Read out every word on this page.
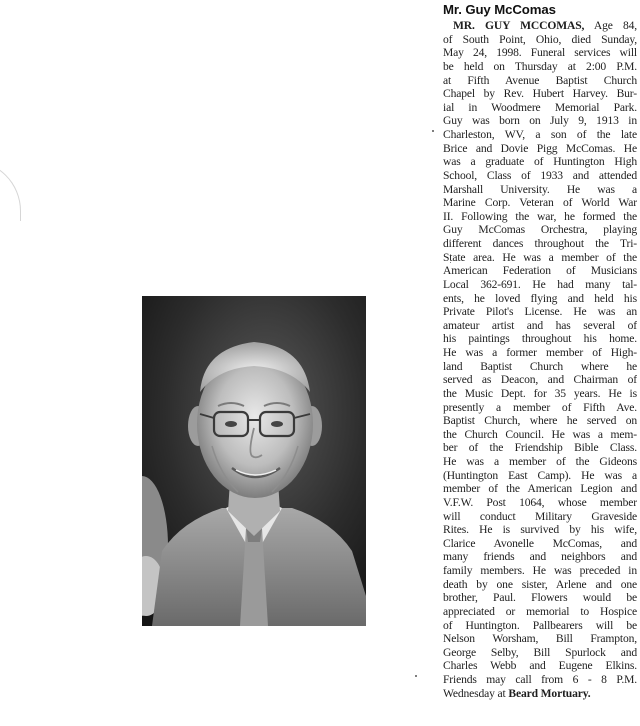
Mr. Guy McComas
MR. GUY MCCOMAS, Age 84,
of South Point, Ohio, died Sunday,
May 24, 1998. Funeral services will
be held on Thursday at 2:00 P.M.
at Fifth Avenue Baptist Church
Chapel by Rev. Hubert Harvey. Bur-
ial in Woodmere Memorial Park.
Guy was born on July 9, 1913 in
Charleston, WV, a son of the late
Brice and Dovie Pigg McComas. He
was a graduate of Huntington High
School, Class of 1933 and attended
Marshall University. He was a
Marine Corp. Veteran of World War
II. Following the war, he formed the
Guy McComas Orchestra, playing
different dances throughout the Tri-
State area. He was a member of the
American Federation of Musicians
Local 362-691. He had many tal-
ents, he loved flying and held his
Private Pilot's License. He was an
amateur artist and has several of
his paintings throughout his home.
He was a former member of High-
land Baptist Church where he
served as Deacon, and Chairman of
the Music Dept. for 35 years. He is
presently a member of Fifth Ave.
Baptist Church, where he served on
the Church Council. He was a mem-
ber of the Friendship Bible Class.
He was a member of the Gideons
(Huntington East Camp). He was a
member of the American Legion and
V.F.W. Post 1064, whose member
will conduct Military Graveside
Rites. He is survived by his wife,
Clarice Avonelle McComas, and
many friends and neighbors and
family members. He was preceded in
death by one sister, Arlene and one
brother, Paul. Flowers would be
appreciated or memorial to Hospice
of Huntington. Pallbearers will be
Nelson Worsham, Bill Frampton,
George Selby, Bill Spurlock and
Charles Webb and Eugene Elkins.
Friends may call from 6 - 8 P.M.
Wednesday at Beard Mortuary.
